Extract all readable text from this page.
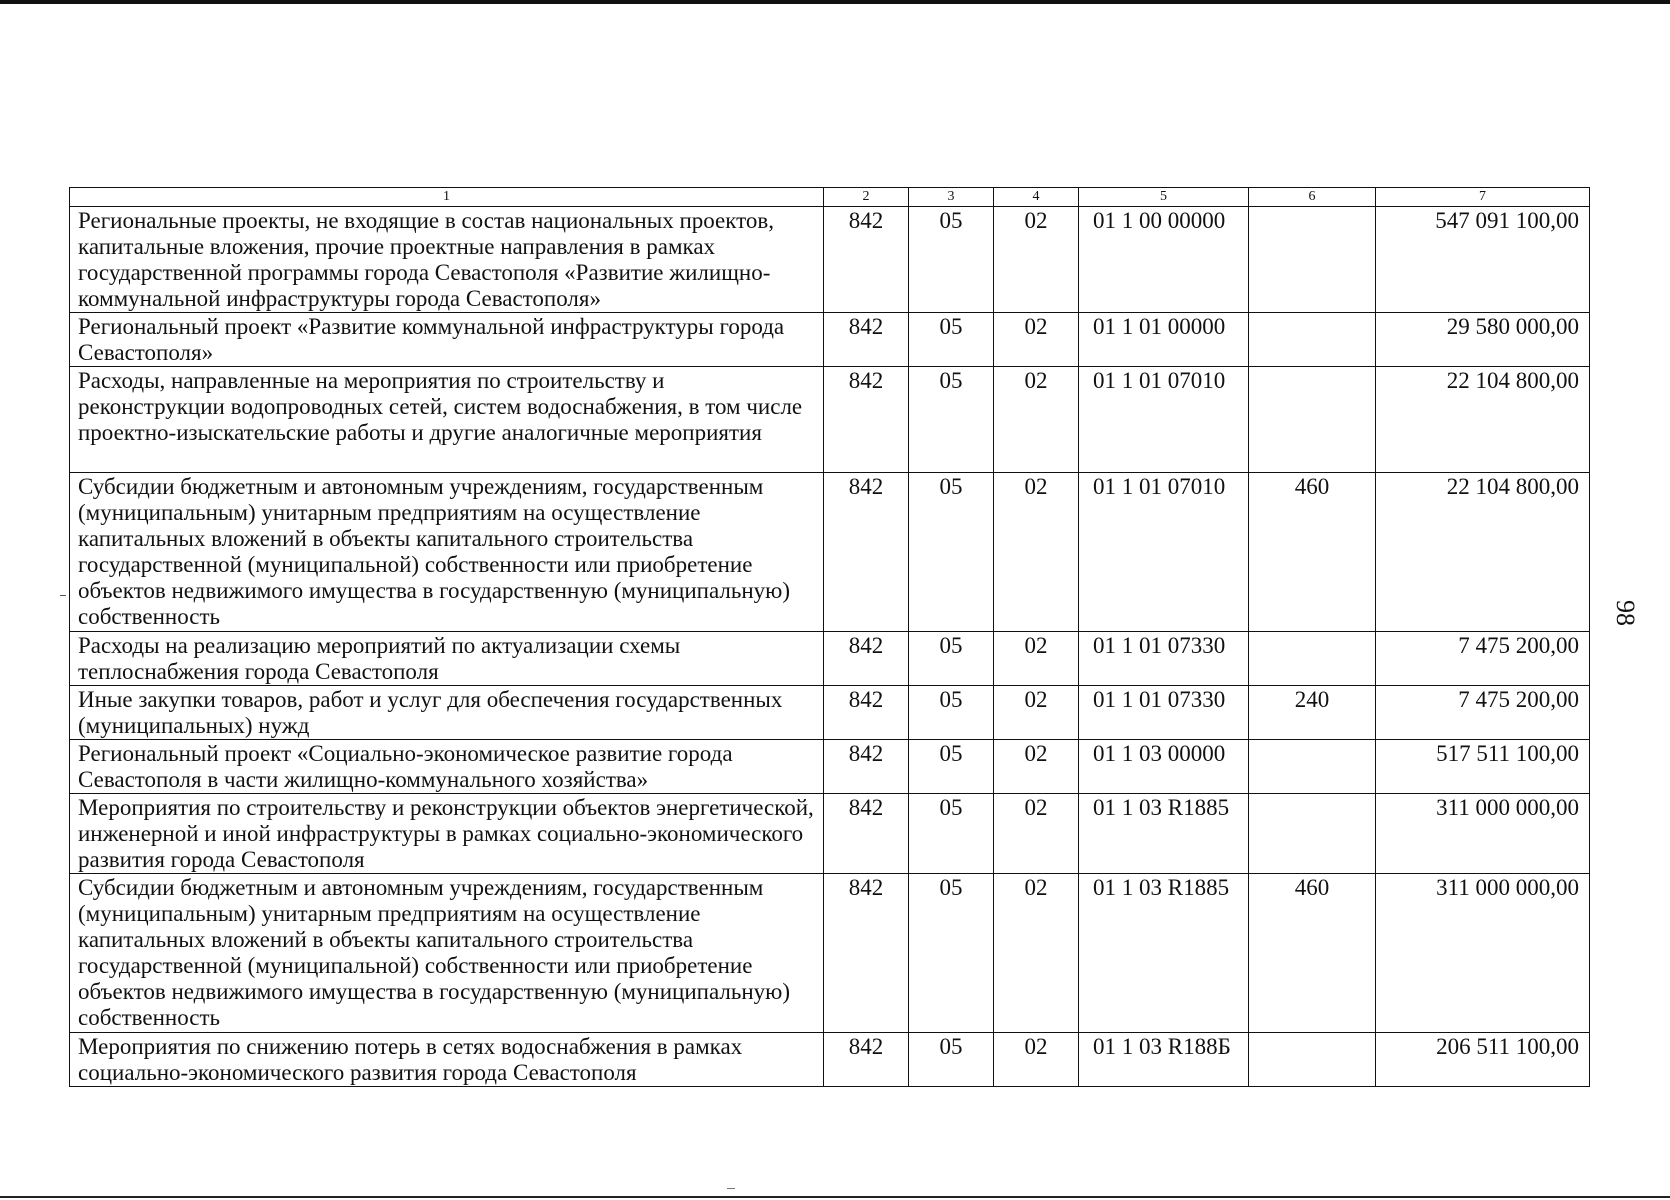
1	2	3	4	5	6	7
Региональные проекты, не входящие в состав национальных проектов, капитальные вложения, прочие проектные направления в рамках государственной программы города Севастополя «Развитие жилищно-коммунальной инфраструктуры города Севастополя»	842	05	02	01 1 00 00000		547 091 100,00
Региональный проект «Развитие коммунальной инфраструктуры города Севастополя»	842	05	02	01 1 01 00000		29 580 000,00
Расходы, направленные на мероприятия по строительству и реконструкции водопроводных сетей, систем водоснабжения, в том числе проектно-изыскательские работы и другие аналогичные мероприятия	842	05	02	01 1 01 07010		22 104 800,00
Субсидии бюджетным и автономным учреждениям, государственным (муниципальным) унитарным предприятиям на осуществление капитальных вложений в объекты капитального строительства государственной (муниципальной) собственности или приобретение объектов недвижимого имущества в государственную (муниципальную) собственность	842	05	02	01 1 01 07010	460	22 104 800,00
Расходы на реализацию мероприятий по актуализации схемы теплоснабжения города Севастополя	842	05	02	01 1 01 07330		7 475 200,00
Иные закупки товаров, работ и услуг для обеспечения государственных (муниципальных) нужд	842	05	02	01 1 01 07330	240	7 475 200,00
Региональный проект «Социально-экономическое развитие города Севастополя в части жилищно-коммунального хозяйства»	842	05	02	01 1 03 00000		517 511 100,00
Мероприятия по строительству и реконструкции объектов энергетической, инженерной и иной инфраструктуры в рамках социально-экономического развития города Севастополя	842	05	02	01 1 03 R1885		311 000 000,00
Субсидии бюджетным и автономным учреждениям, государственным (муниципальным) унитарным предприятиям на осуществление капитальных вложений в объекты капитального строительства государственной (муниципальной) собственности или приобретение объектов недвижимого имущества в государственную (муниципальную) собственность	842	05	02	01 1 03 R1885	460	311 000 000,00
Мероприятия по снижению потерь в сетях водоснабжения в рамках социально-экономического развития города Севастополя	842	05	02	01 1 03 R188Б		206 511 100,00
98
